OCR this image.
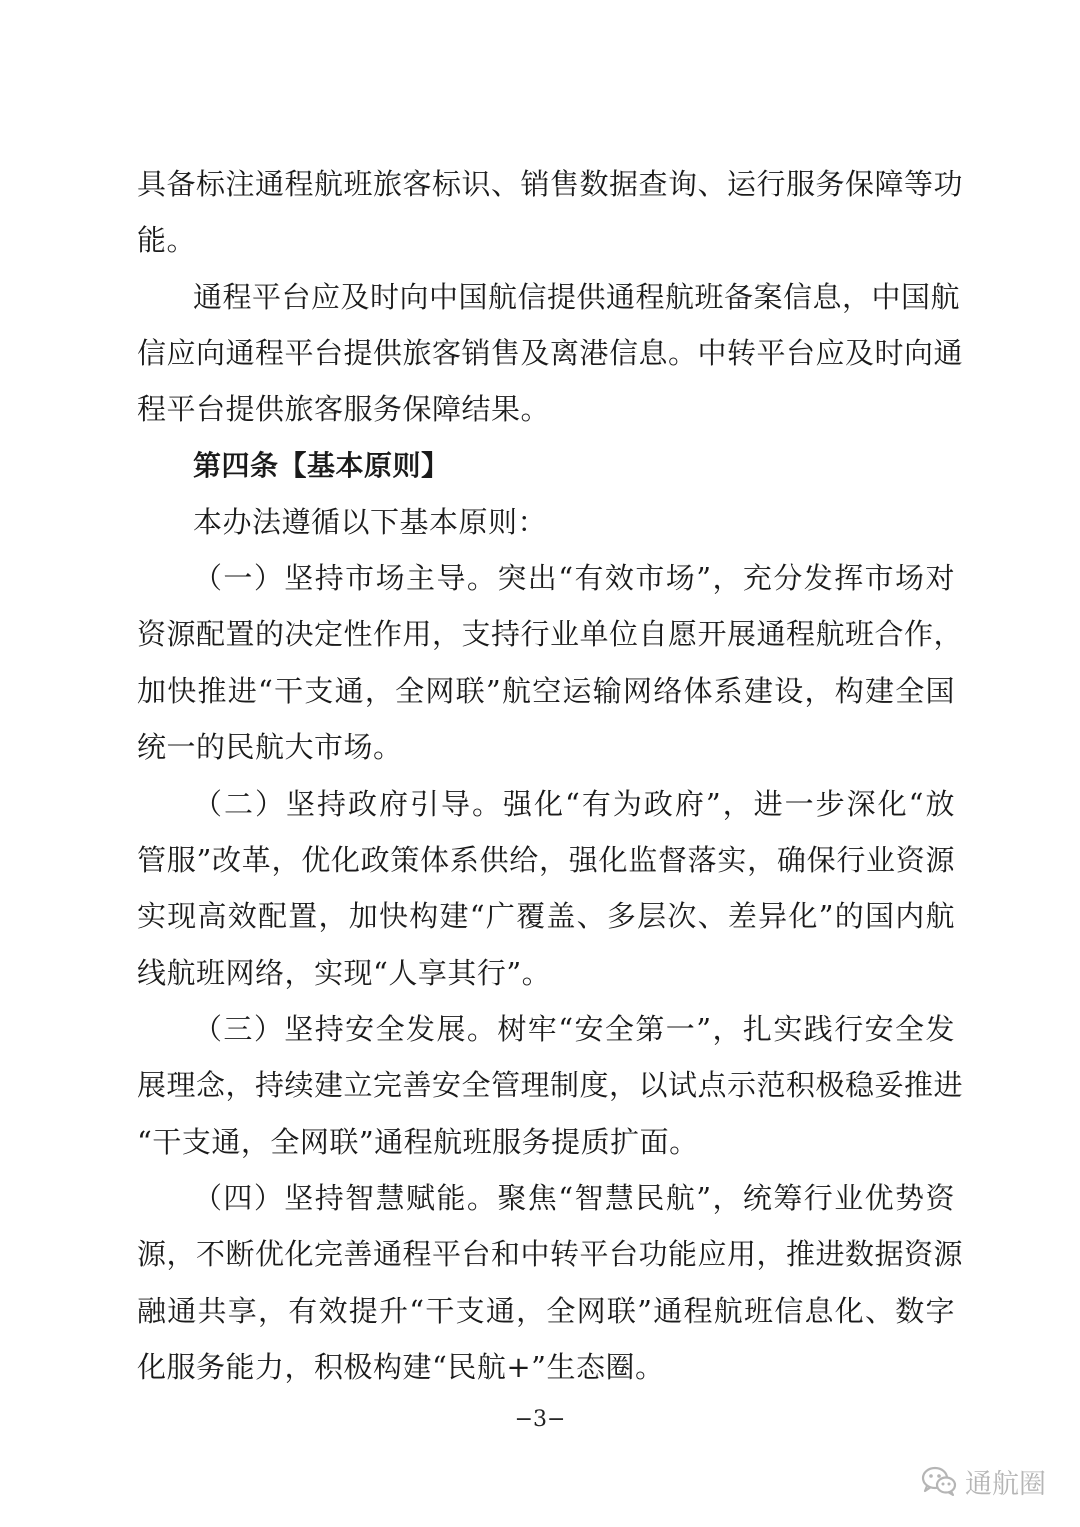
具备标注通程航班旅客标识、销售数据查询、运行服务保障等功
能。
通程平台应及时向中国航信提供通程航班备案信息，中国航
信应向通程平台提供旅客销售及离港信息。中转平台应及时向通
程平台提供旅客服务保障结果。
第四条【基本原则】
本办法遵循以下基本原则：
（一）坚持市场主导。突出“有效市场”，充分发挥市场对
资源配置的决定性作用，支持行业单位自愿开展通程航班合作，
加快推进“干支通，全网联”航空运输网络体系建设，构建全国
统一的民航大市场。
（二）坚持政府引导。强化“有为政府”，进一步深化“放
管服”改革，优化政策体系供给，强化监督落实，确保行业资源
实现高效配置，加快构建“广覆盖、多层次、差异化”的国内航
线航班网络，实现“人享其行”。
（三）坚持安全发展。树牢“安全第一”，扎实践行安全发
展理念，持续建立完善安全管理制度，以试点示范积极稳妥推进
“干支通，全网联”通程航班服务提质扩面。
（四）坚持智慧赋能。聚焦“智慧民航”，统筹行业优势资
源，不断优化完善通程平台和中转平台功能应用，推进数据资源
融通共享，有效提升“干支通，全网联”通程航班信息化、数字
化服务能力，积极构建“民航+”生态圈。
−3−
通航圈
